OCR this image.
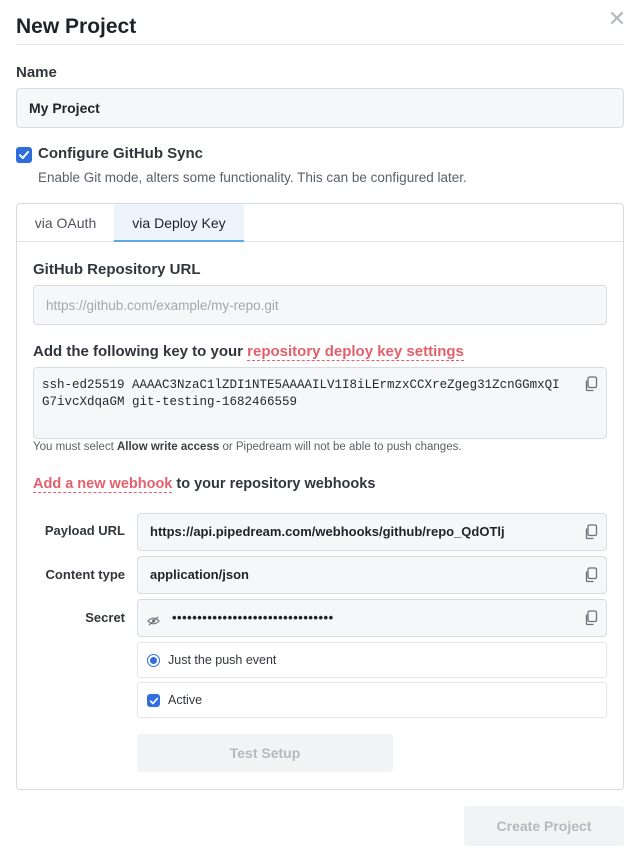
✕
New Project
Name
My Project
Configure GitHub Sync
Enable Git mode, alters some functionality. This can be configured later.
via OAuth	via Deploy Key
GitHub Repository URL
https://github.com/example/my-repo.git
Add the following key to your repository deploy key settings
ssh-ed25519 AAAAC3NzaC1lZDI1NTE5AAAAILV1I8iLErmzxCCXreZgeg31ZcnGGmxQIG7ivcXdqaGM git-testing-1682466559
You must select Allow write access or Pipedream will not be able to push changes.
Add a new webhook to your repository webhooks
Payload URL	https://api.pipedream.com/webhooks/github/repo_QdOTlj
Content type	application/json
Secret	••••••••••••••••••••••••••••••••
Just the push event
Active
Test Setup
Create Project
